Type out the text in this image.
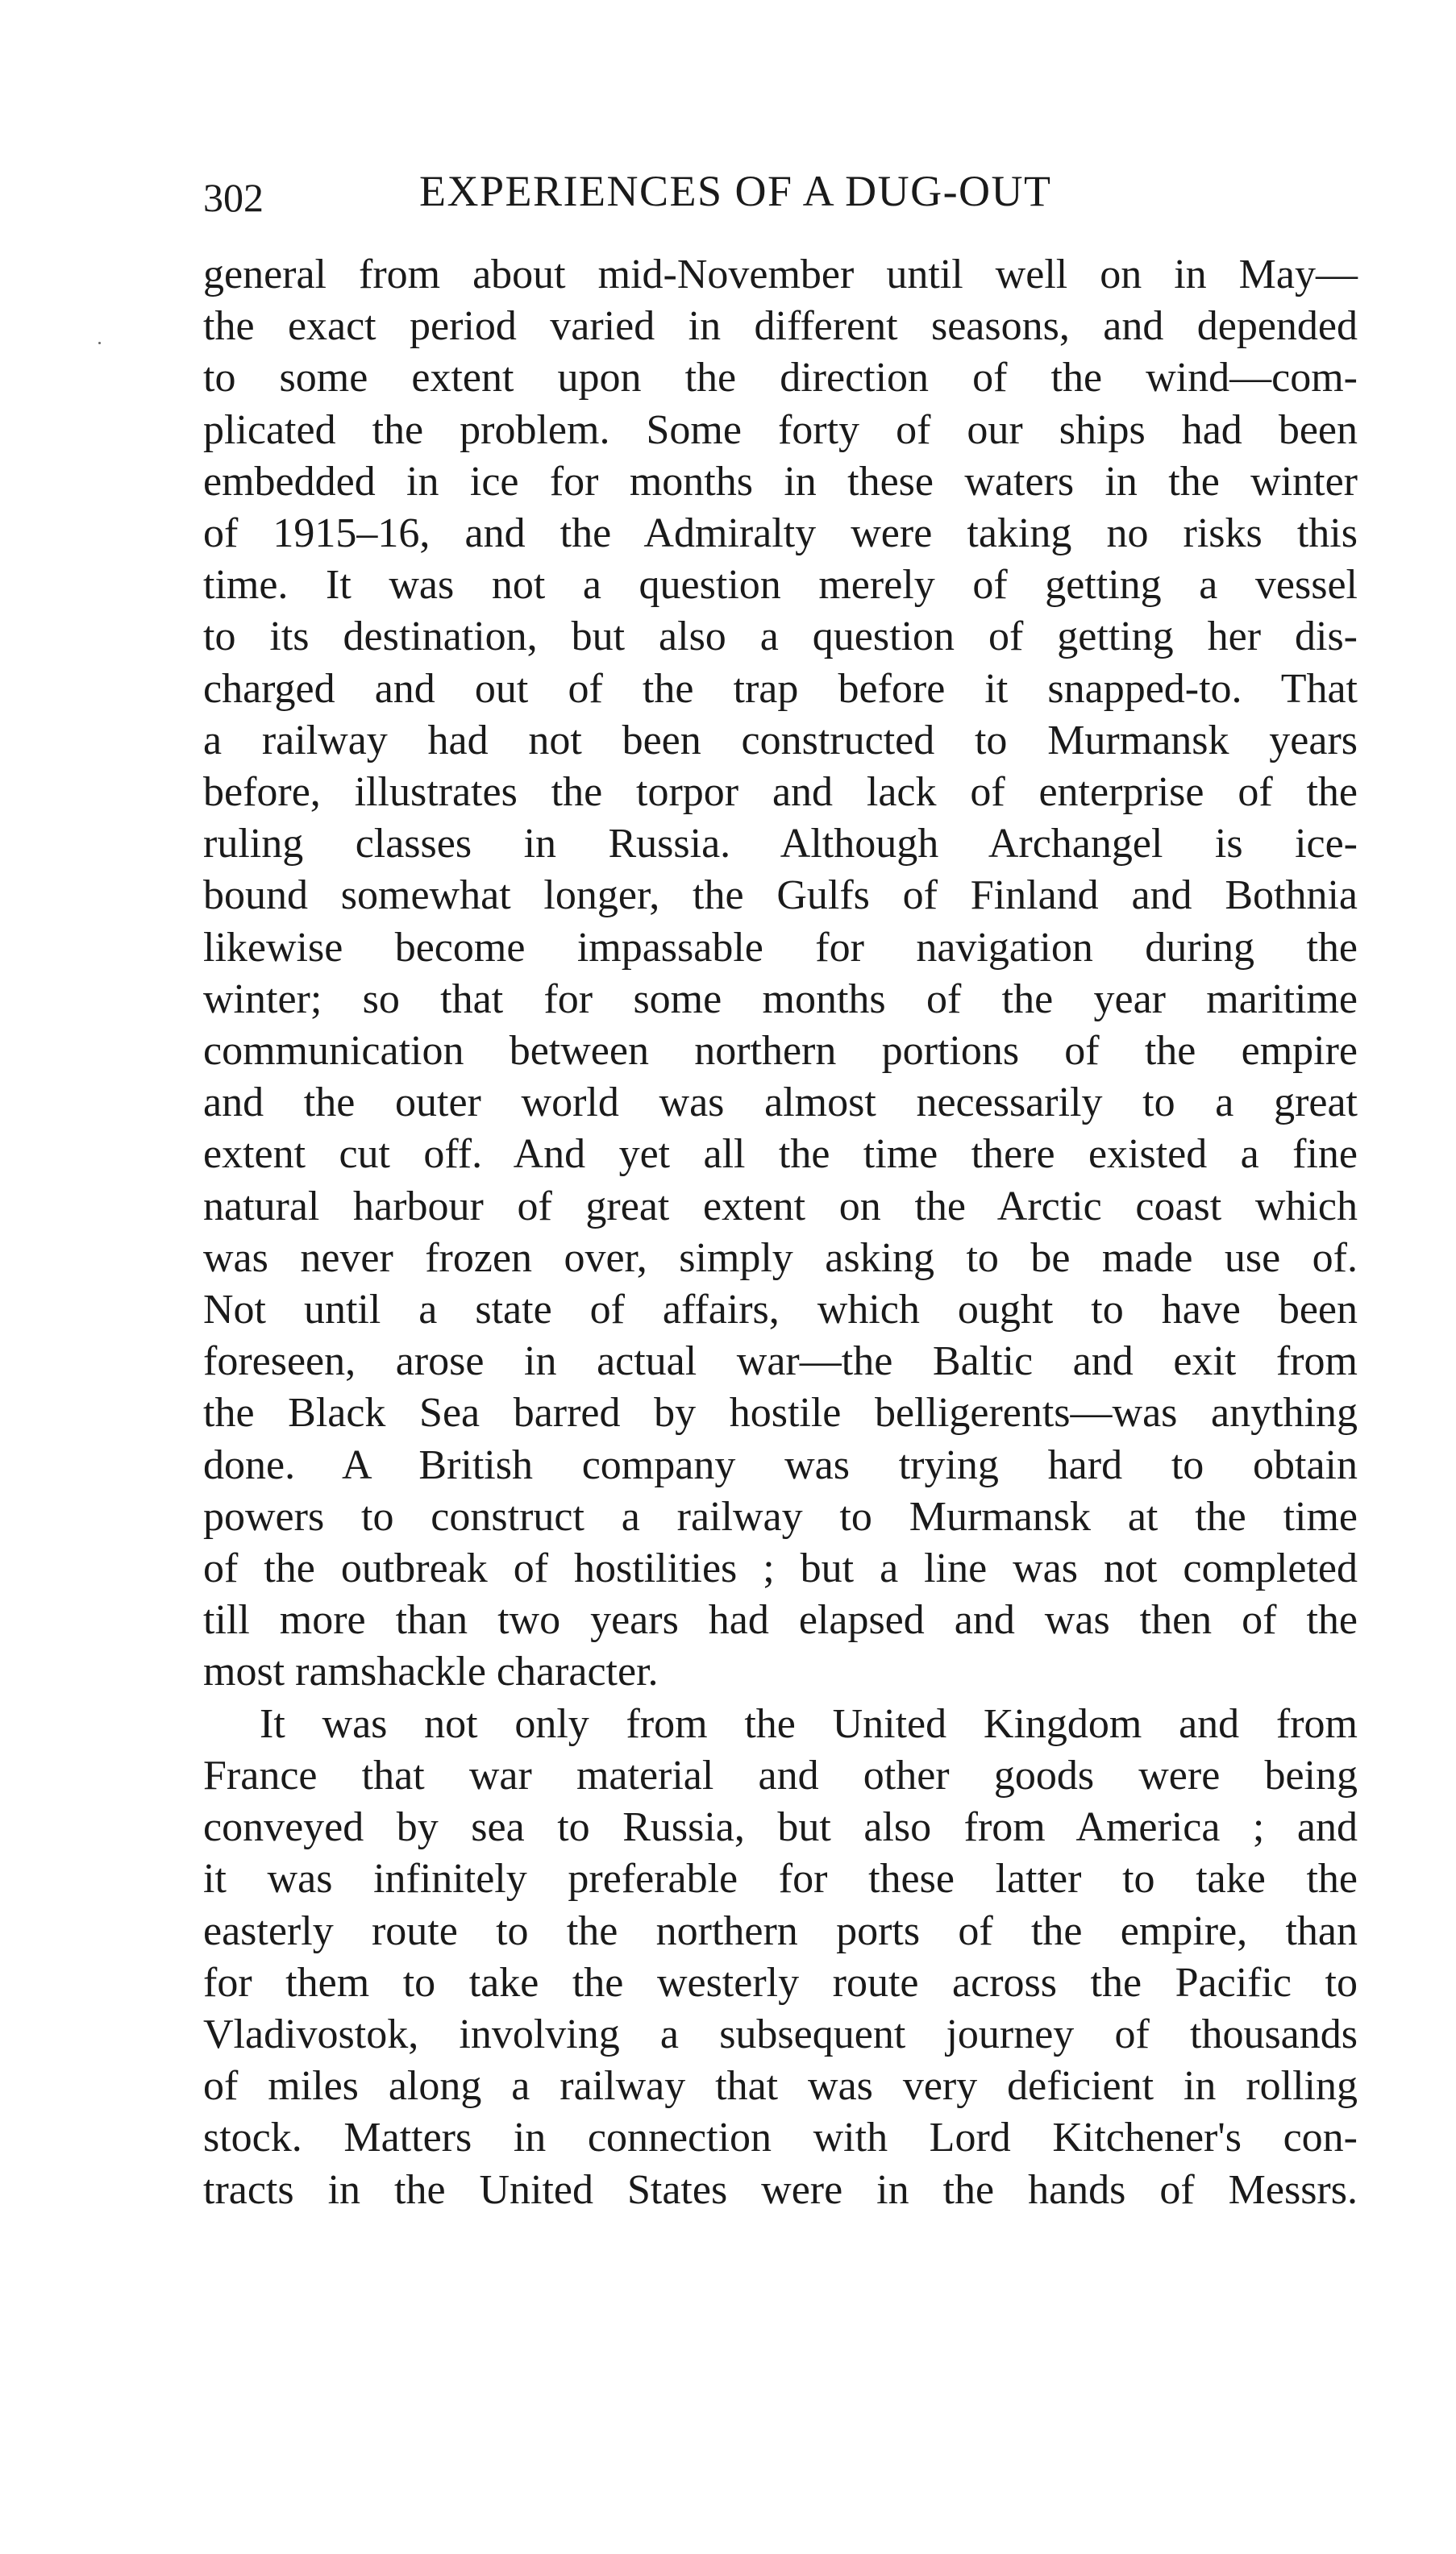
302	EXPERIENCES OF A DUG-OUT

general from about mid-November until well on in May—
the exact period varied in different seasons, and depended
to some extent upon the direction of the wind—com-
plicated the problem. Some forty of our ships had been
embedded in ice for months in these waters in the winter
of 1915–16, and the Admiralty were taking no risks this
time. It was not a question merely of getting a vessel
to its destination, but also a question of getting her dis-
charged and out of the trap before it snapped-to. That
a railway had not been constructed to Murmansk years
before, illustrates the torpor and lack of enterprise of the
ruling classes in Russia. Although Archangel is ice-
bound somewhat longer, the Gulfs of Finland and Bothnia
likewise become impassable for navigation during the
winter; so that for some months of the year maritime
communication between northern portions of the empire
and the outer world was almost necessarily to a great
extent cut off. And yet all the time there existed a fine
natural harbour of great extent on the Arctic coast which
was never frozen over, simply asking to be made use of.
Not until a state of affairs, which ought to have been
foreseen, arose in actual war—the Baltic and exit from
the Black Sea barred by hostile belligerents—was anything
done. A British company was trying hard to obtain
powers to construct a railway to Murmansk at the time
of the outbreak of hostilities ; but a line was not completed
till more than two years had elapsed and was then of the
most ramshackle character.

It was not only from the United Kingdom and from
France that war material and other goods were being
conveyed by sea to Russia, but also from America ; and
it was infinitely preferable for these latter to take the
easterly route to the northern ports of the empire, than
for them to take the westerly route across the Pacific to
Vladivostok, involving a subsequent journey of thousands
of miles along a railway that was very deficient in rolling
stock. Matters in connection with Lord Kitchener's con-
tracts in the United States were in the hands of Messrs.
